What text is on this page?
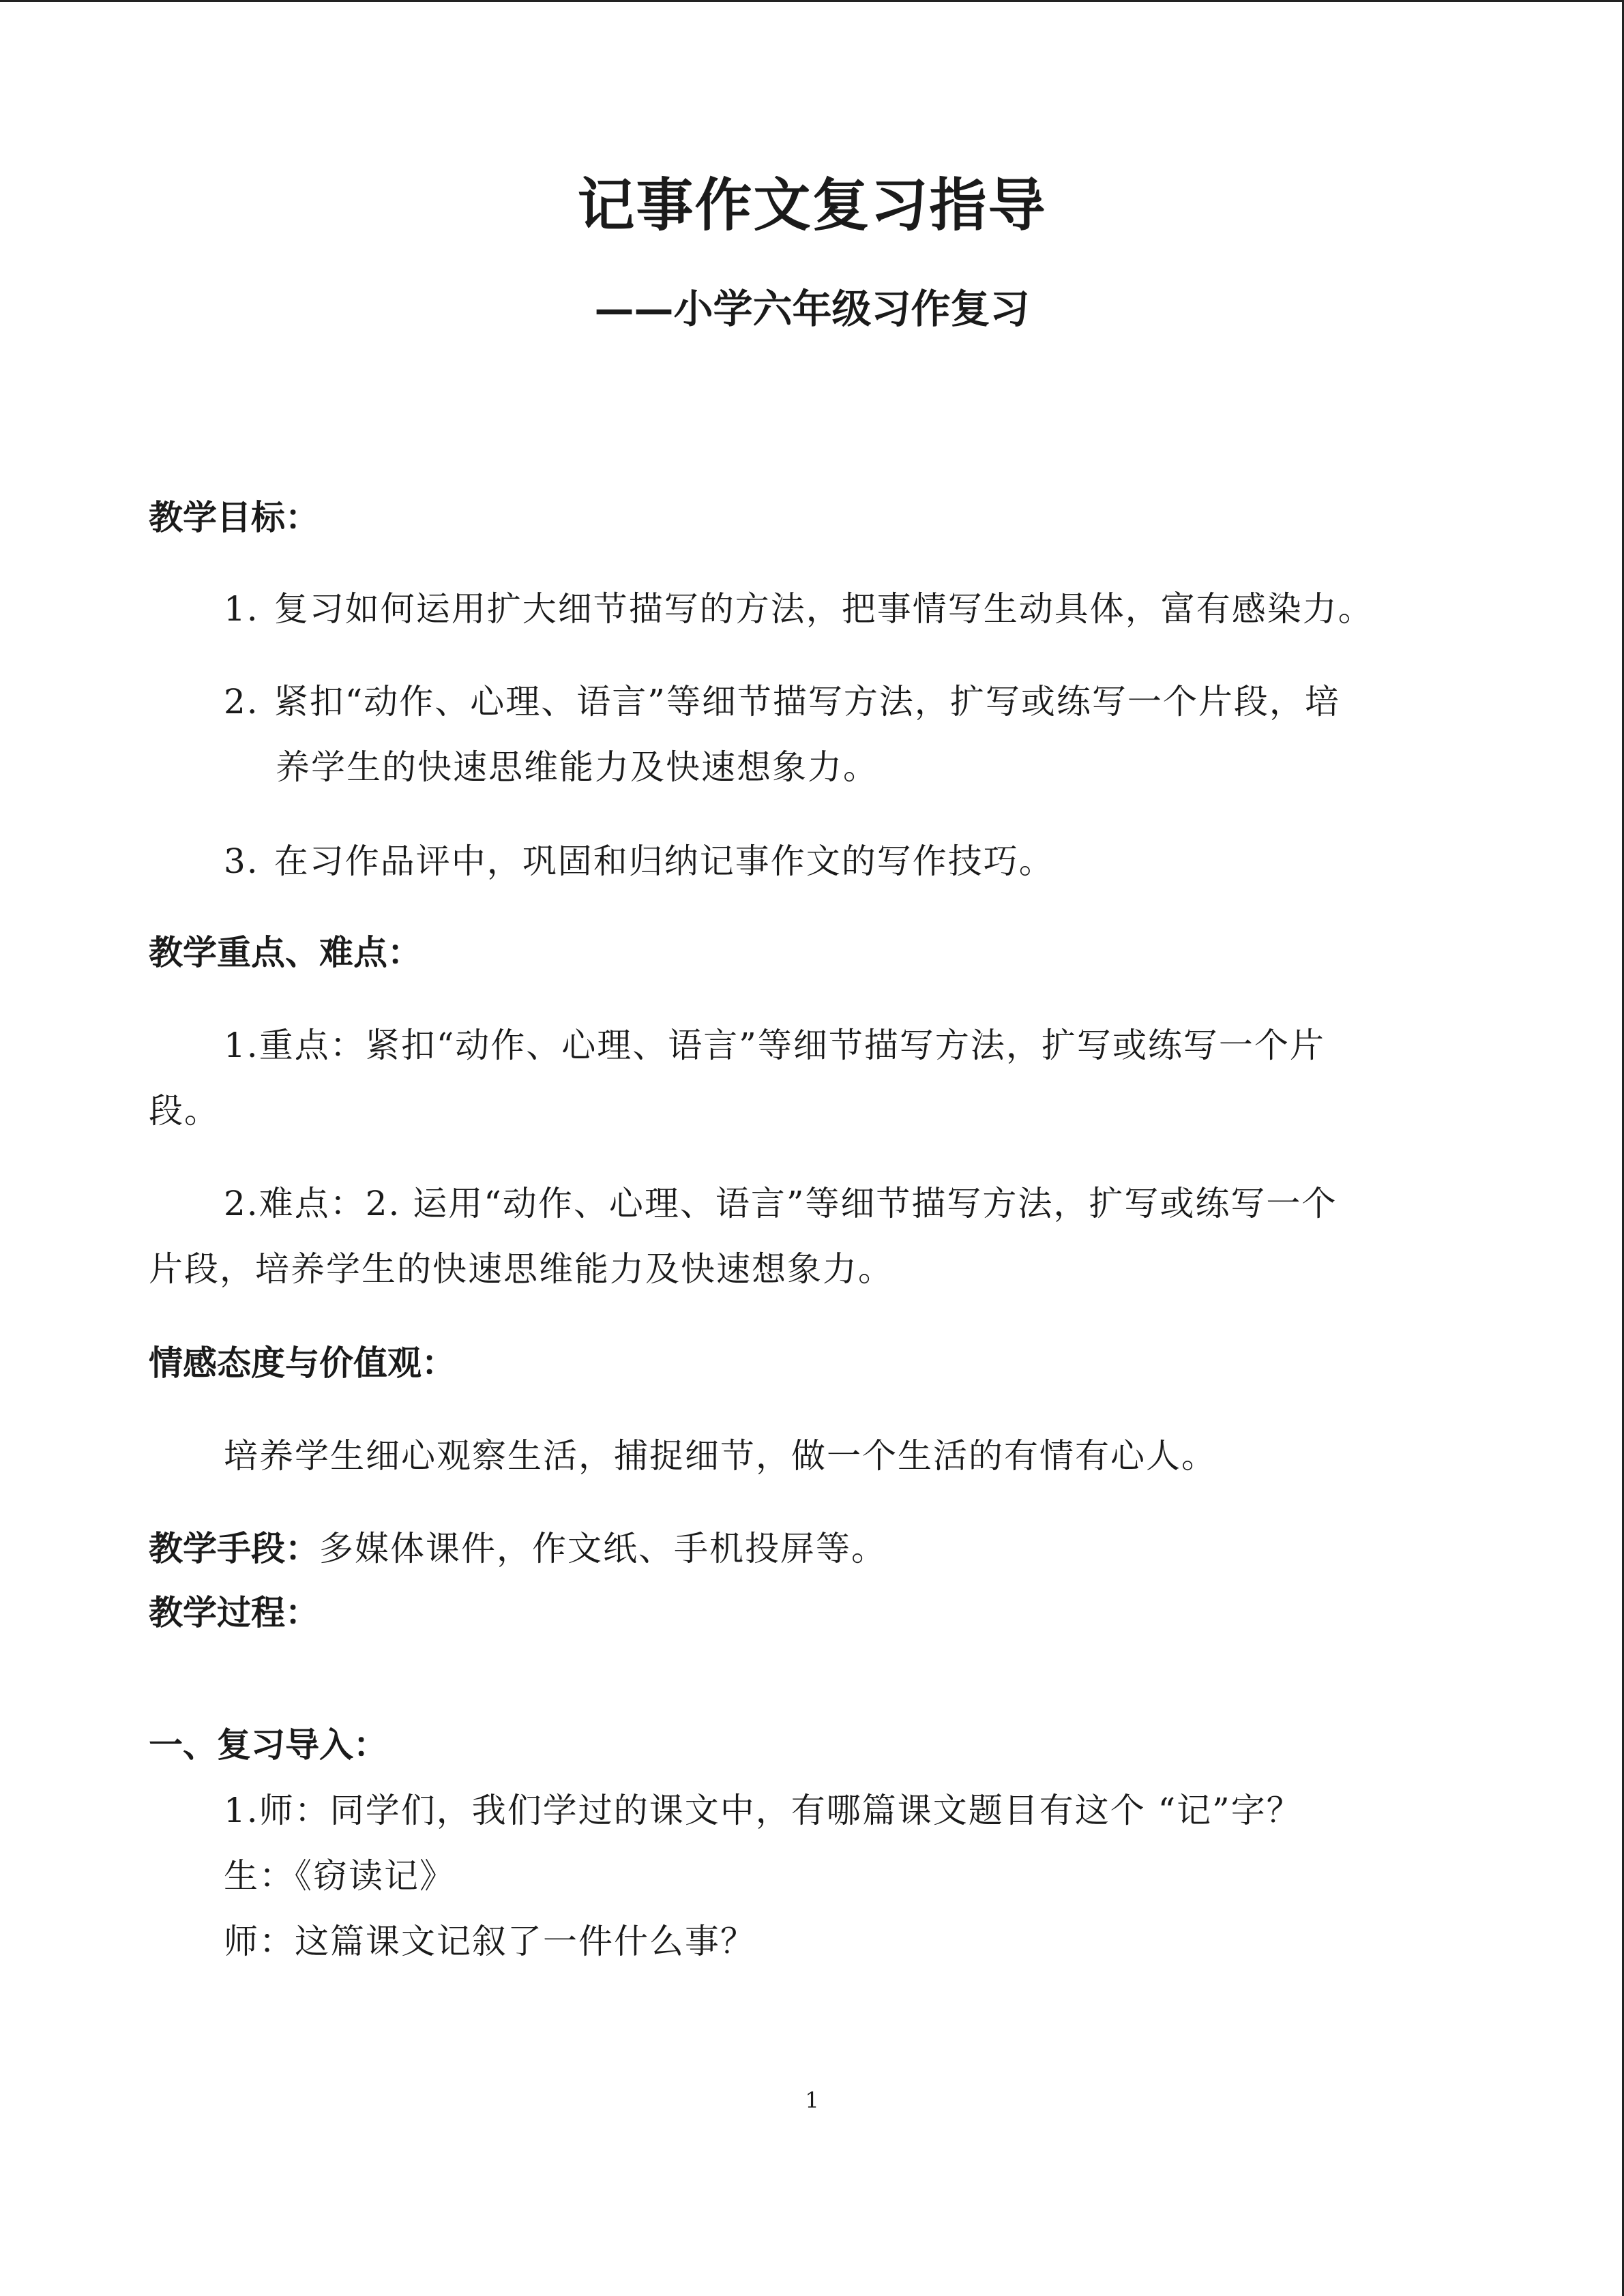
记事作文复习指导
——小学六年级习作复习
教学目标：
1. 复习如何运用扩大细节描写的方法，把事情写生动具体，富有感染力。
2. 紧扣“动作、心理、语言”等细节描写方法，扩写或练写一个片段，培
养学生的快速思维能力及快速想象力。
3. 在习作品评中，巩固和归纳记事作文的写作技巧。
教学重点、难点：
1.重点：紧扣“动作、心理、语言”等细节描写方法，扩写或练写一个片
段。
2.难点：2. 运用“动作、心理、语言”等细节描写方法，扩写或练写一个
片段，培养学生的快速思维能力及快速想象力。
情感态度与价值观：
培养学生细心观察生活，捕捉细节，做一个生活的有情有心人。
教学手段：多媒体课件，作文纸、手机投屏等。
教学过程：
一、复习导入：
1.师：同学们，我们学过的课文中，有哪篇课文题目有这个 “记”字？
生：《窃读记》
师：这篇课文记叙了一件什么事？
1
